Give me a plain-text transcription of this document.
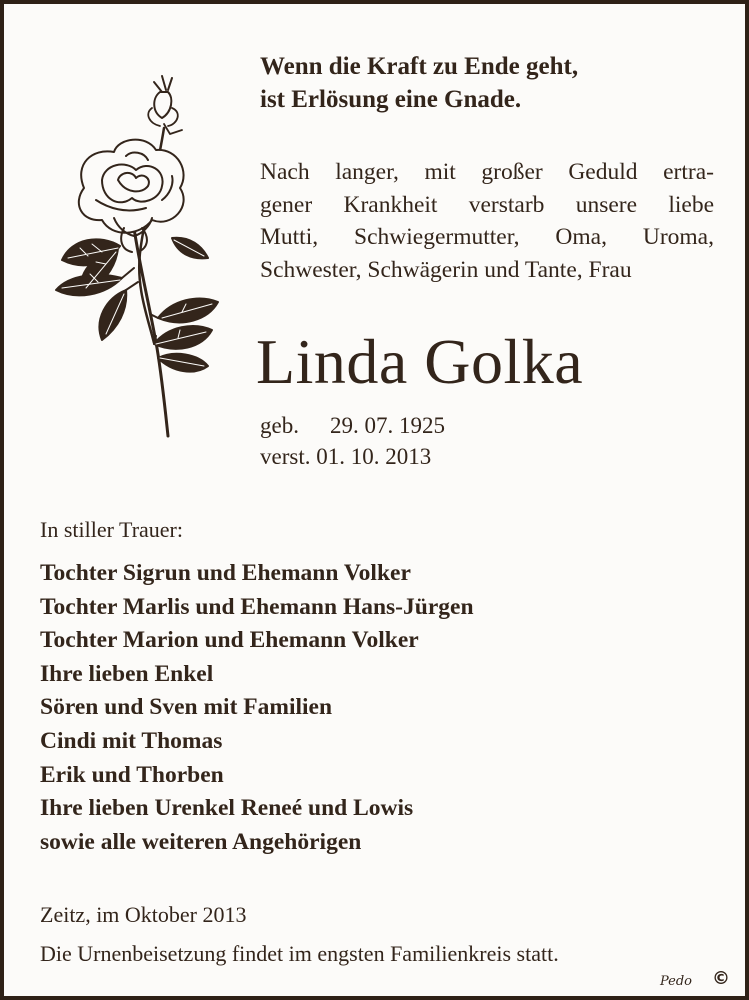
Wenn die Kraft zu Ende geht,
ist Erlösung eine Gnade.
Nach langer, mit großer Geduld ertra-
gener Krankheit verstarb unsere liebe
Mutti, Schwiegermutter, Oma, Uroma,
Schwester, Schwägerin und Tante, Frau
Linda Golka
geb. 29. 07. 1925
verst. 01. 10. 2013
In stiller Trauer:
Tochter Sigrun und Ehemann Volker
Tochter Marlis und Ehemann Hans-Jürgen
Tochter Marion und Ehemann Volker
Ihre lieben Enkel
Sören und Sven mit Familien
Cindi mit Thomas
Erik und Thorben
Ihre lieben Urenkel Reneé und Lowis
sowie alle weiteren Angehörigen
Zeitz, im Oktober 2013
Die Urnenbeisetzung findet im engsten Familienkreis statt.
Pedo ©
